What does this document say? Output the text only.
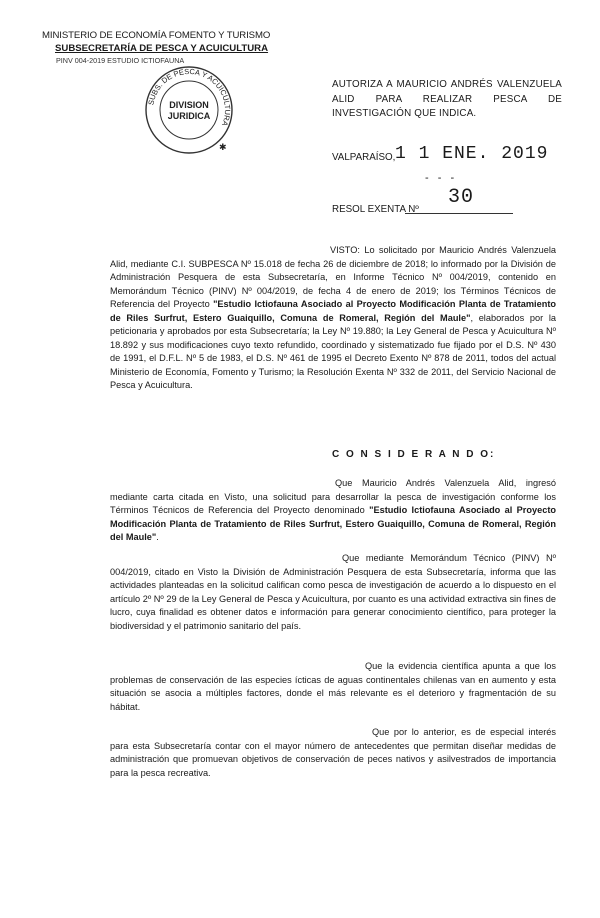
MINISTERIO DE ECONOMÍA FOMENTO Y TURISMO
SUBSECRETARÍA DE PESCA Y ACUICULTURA
PINV 004-2019 ESTUDIO ICTIOFAUNA
SUBS. DE PESCA Y ACUICULTURA
DIVISION
JURIDICA
✱
AUTORIZA A MAURICIO ANDRÉS VALENZUELA ALID PARA REALIZAR PESCA DE INVESTIGACIÓN QUE INDICA.
VALPARAÍSO, 1 1 ENE. 2019
- - -
RESOL EXENTA Nº
30
VISTO: Lo solicitado por Mauricio Andrés Valenzuela Alid, mediante C.I. SUBPESCA Nº 15.018 de fecha 26 de diciembre de 2018; lo informado por la División de Administración Pesquera de esta Subsecretaría, en Informe Técnico Nº 004/2019, contenido en Memorándum Técnico (PINV) Nº 004/2019, de fecha 4 de enero de 2019; los Términos Técnicos de Referencia del Proyecto "Estudio Ictiofauna Asociado al Proyecto Modificación Planta de Tratamiento de Riles Surfrut, Estero Guaiquillo, Comuna de Romeral, Región del Maule", elaborados por la peticionaria y aprobados por esta Subsecretaría; la Ley Nº 19.880; la Ley General de Pesca y Acuicultura Nº 18.892 y sus modificaciones cuyo texto refundido, coordinado y sistematizado fue fijado por el D.S. Nº 430 de 1991, el D.F.L. Nº 5 de 1983, el D.S. Nº 461 de 1995 el Decreto Exento Nº 878 de 2011, todos del actual Ministerio de Economía, Fomento y Turismo; la Resolución Exenta Nº 332 de 2011, del Servicio Nacional de Pesca y Acuicultura.
C O N S I D E R A N D O:
Que Mauricio Andrés Valenzuela Alid, ingresó mediante carta citada en Visto, una solicitud para desarrollar la pesca de investigación conforme los Términos Técnicos de Referencia del Proyecto denominado "Estudio Ictiofauna Asociado al Proyecto Modificación Planta de Tratamiento de Riles Surfrut, Estero Guaiquillo, Comuna de Romeral, Región del Maule".
Que mediante Memorándum Técnico (PINV) Nº 004/2019, citado en Visto la División de Administración Pesquera de esta Subsecretaría, informa que las actividades planteadas en la solicitud califican como pesca de investigación de acuerdo a lo dispuesto en el artículo 2º Nº 29 de la Ley General de Pesca y Acuicultura, por cuanto es una actividad extractiva sin fines de lucro, cuya finalidad es obtener datos e información para generar conocimiento científico, para proteger la biodiversidad y el patrimonio sanitario del país.
Que la evidencia científica apunta a que los problemas de conservación de las especies ícticas de aguas continentales chilenas van en aumento y esta situación se asocia a múltiples factores, donde el más relevante es el deterioro y fragmentación de su hábitat.
Que por lo anterior, es de especial interés para esta Subsecretaría contar con el mayor número de antecedentes que permitan diseñar medidas de administración que promuevan objetivos de conservación de peces nativos y asilvestrados de importancia para la pesca recreativa.
